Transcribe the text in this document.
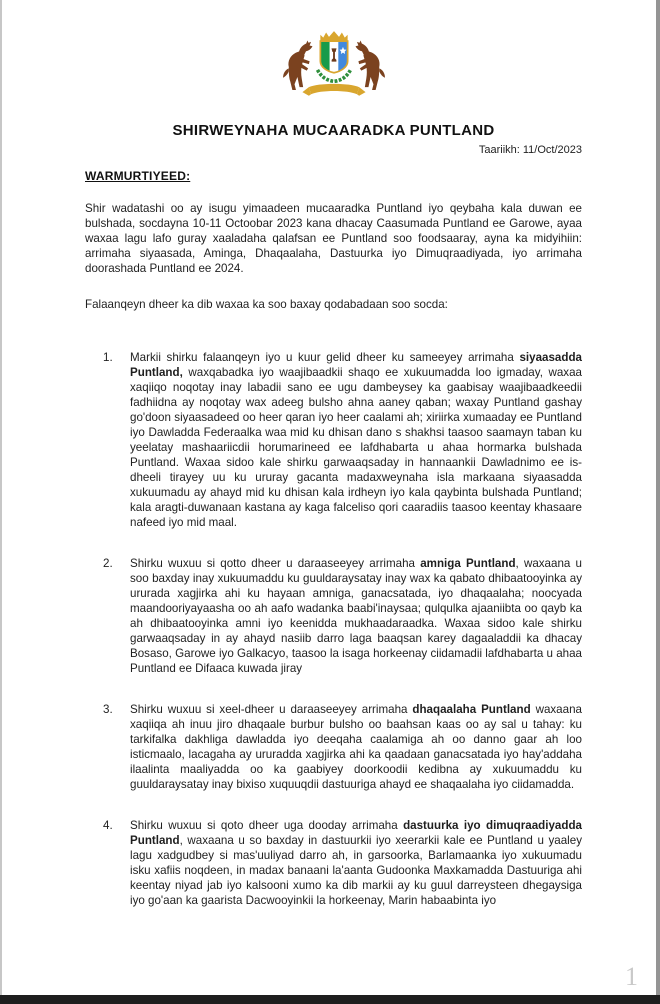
SHIRWEYNAHA MUCAARADKA PUNTLAND
Taariikh: 11/Oct/2023
WARMURTIYEED:

Shir wadatashi oo ay isugu yimaadeen mucaaradka Puntland iyo qeybaha kala duwan ee bulshada, socdayna 10-11 Octoobar 2023 kana dhacay Caasumada Puntland ee Garowe, ayaa waxaa lagu lafo guray xaaladaha qalafsan ee Puntland soo foodsaaray, ayna ka midyihiin: arrimaha siyaasada, Aminga, Dhaqaalaha, Dastuurka iyo Dimuqraadiyada, iyo arrimaha doorashada Puntland ee 2024.

Falaanqeyn dheer ka dib waxaa ka soo baxay qodabadaan soo socda:

1.	Markii shirku falaanqeyn iyo u kuur gelid dheer ku sameeyey arrimaha siyaasadda Puntland, waxqabadka iyo waajibaadkii shaqo ee xukuumadda loo igmaday, waxaa xaqiiqo noqotay inay labadii sano ee ugu dambeysey ka gaabisay waajibaadkeedii fadhiidna ay noqotay wax adeeg bulsho ahna aaney qaban; waxay Puntland gashay go'doon siyaasadeed oo heer qaran iyo heer caalami ah; xiriirka xumaaday ee Puntland iyo Dawladda Federaalka waa mid ku dhisan dano s shakhsi taasoo saamayn taban ku yeelatay mashaariicdii horumarineed ee lafdhabarta u ahaa hormarka bulshada Puntland. Waxaa sidoo kale shirku garwaaqsaday in hannaankii Dawladnimo ee is-dheeli tirayey uu ku ururay gacanta madaxweynaha isla markaana siyaasadda xukuumadu ay ahayd mid ku dhisan kala irdheyn iyo kala qaybinta bulshada Puntland; kala aragti-duwanaan kastana ay kaga falceliso qori caaradiis taasoo keentay khasaare nafeed iyo mid maal.
2.	Shirku wuxuu si qotto dheer u daraaseeyey arrimaha amniga Puntland, waxaana u soo baxday inay xukuumaddu ku guuldaraysatay inay wax ka qabato dhibaatooyinka ay ururada xagjirka ahi ku hayaan amniga, ganacsatada, iyo dhaqaalaha; noocyada maandooriyayaasha oo ah aafo wadanka baabi'inaysaa; qulqulka ajaaniibta oo qayb ka ah dhibaatooyinka amni iyo keenidda mukhaadaraadka. Waxaa sidoo kale shirku garwaaqsaday in ay ahayd nasiib darro laga baaqsan karey dagaaladdii ka dhacay Bosaso, Garowe iyo Galkacyo, taasoo la isaga horkeenay ciidamadii lafdhabarta u ahaa Puntland ee Difaaca kuwada jiray
3.	Shirku wuxuu si xeel-dheer u daraaseeyey arrimaha dhaqaalaha Puntland waxaana xaqiiqa ah inuu jiro dhaqaale burbur bulsho oo baahsan kaas oo ay sal u tahay: ku tarkifalka dakhliga dawladda iyo deeqaha caalamiga ah oo danno gaar ah loo isticmaalo, lacagaha ay ururadda xagjirka ahi ka qaadaan ganacsatada iyo hay'addaha ilaalinta maaliyadda oo ka gaabiyey doorkoodii kedibna ay xukuumaddu ku guuldaraysatay inay bixiso xuquuqdii dastuuriga ahayd ee shaqaalaha iyo ciidamadda.
4.	Shirku wuxuu si qoto dheer uga dooday arrimaha dastuurka iyo dimuqraadiyadda Puntland, waxaana u so baxday in dastuurkii iyo xeerarkii kale ee Puntland u yaaley lagu xadgudbey si mas'uuliyad darro ah, in garsoorka, Barlamaanka iyo xukuumadu isku xafiis noqdeen, in madax banaani la'aanta Gudoonka Maxkamadda Dastuuriga ahi keentay niyad jab iyo kalsooni xumo ka dib markii ay ku guul darreysteen dhegaysiga iyo go'aan ka gaarista Dacwooyinkii la horkeenay, Marin habaabinta iyo
1
